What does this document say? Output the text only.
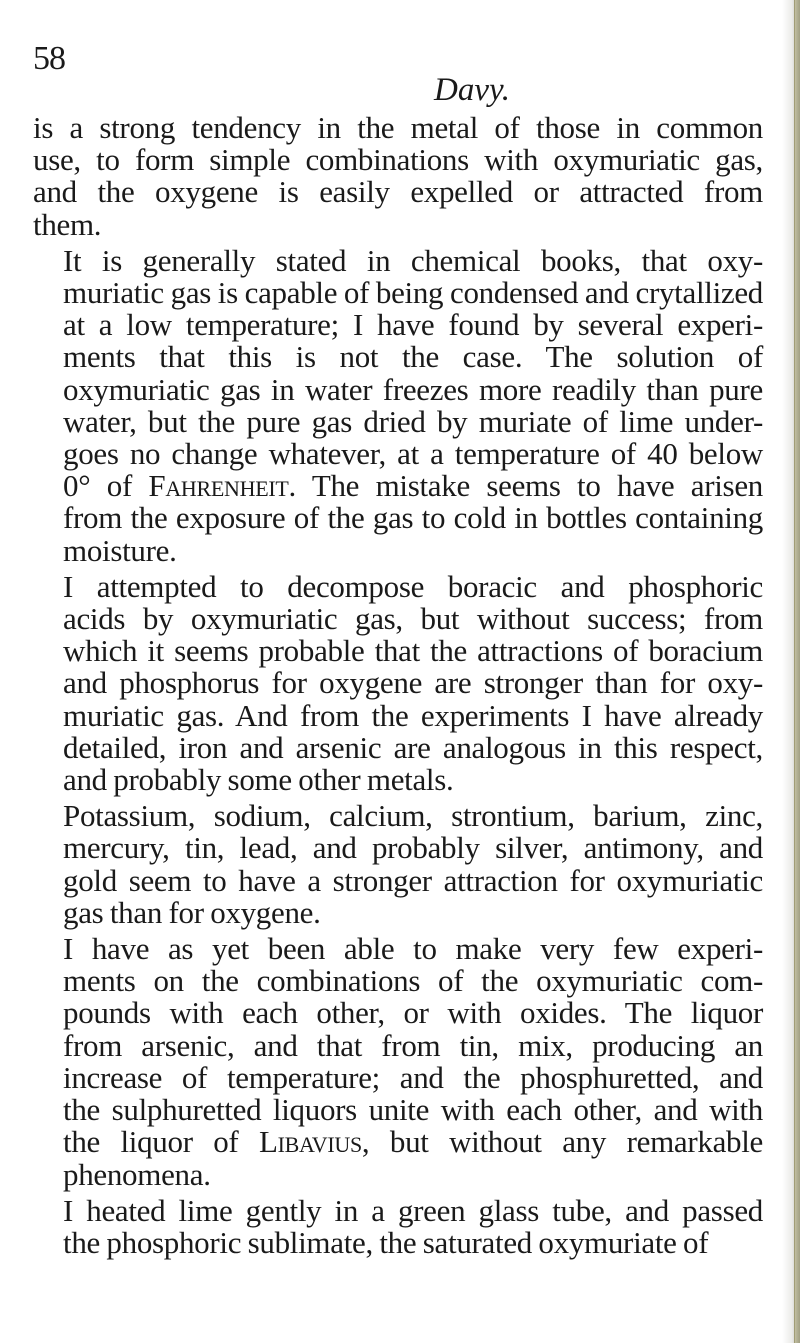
58
Davy.

is a strong tendency in the metal of those in common
use, to form simple combinations with oxymuriatic gas,
and the oxygene is easily expelled or attracted from
them.

It is generally stated in chemical books, that oxy-
muriatic gas is capable of being condensed and crytallized
at a low temperature; I have found by several experi-
ments that this is not the case. The solution of
oxymuriatic gas in water freezes more readily than pure
water, but the pure gas dried by muriate of lime under-
goes no change whatever, at a temperature of 40 below
0° of Fahrenheit. The mistake seems to have arisen
from the exposure of the gas to cold in bottles containing
moisture.

I attempted to decompose boracic and phosphoric
acids by oxymuriatic gas, but without success; from
which it seems probable that the attractions of boracium
and phosphorus for oxygene are stronger than for oxy-
muriatic gas. And from the experiments I have already
detailed, iron and arsenic are analogous in this respect,
and probably some other metals.

Potassium, sodium, calcium, strontium, barium, zinc,
mercury, tin, lead, and probably silver, antimony, and
gold seem to have a stronger attraction for oxymuriatic
gas than for oxygene.

I have as yet been able to make very few experi-
ments on the combinations of the oxymuriatic com-
pounds with each other, or with oxides. The liquor
from arsenic, and that from tin, mix, producing an
increase of temperature; and the phosphuretted, and
the sulphuretted liquors unite with each other, and with
the liquor of Libavius, but without any remarkable
phenomena.

I heated lime gently in a green glass tube, and passed
the phosphoric sublimate, the saturated oxymuriate of
